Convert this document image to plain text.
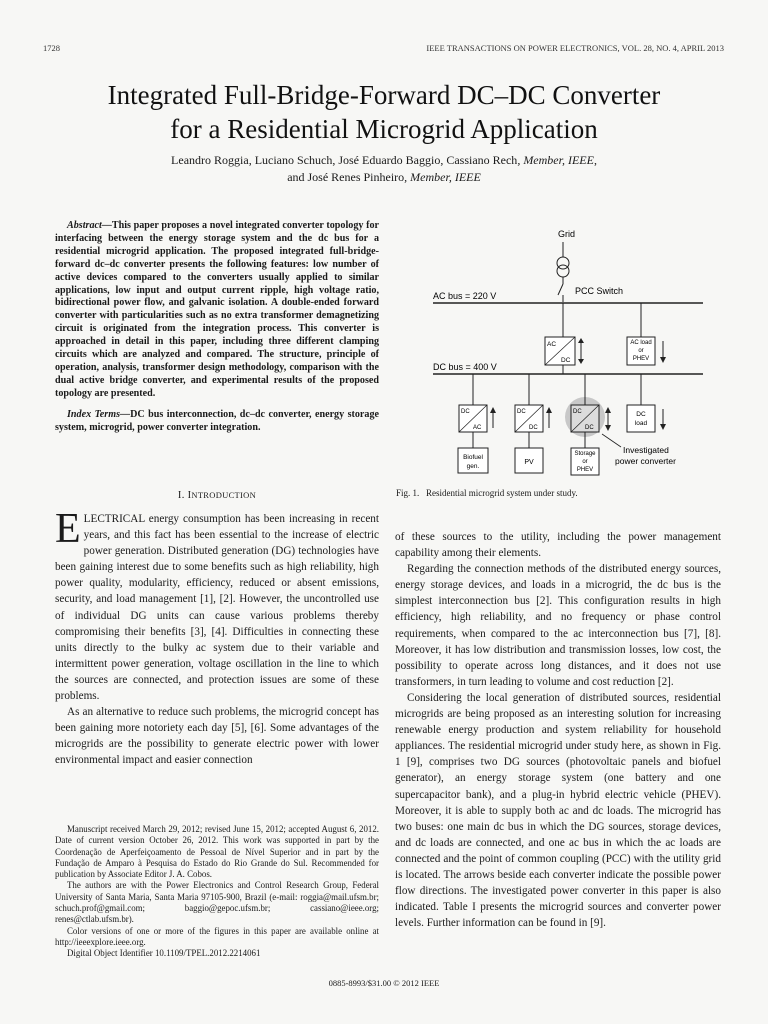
1728	IEEE TRANSACTIONS ON POWER ELECTRONICS, VOL. 28, NO. 4, APRIL 2013
Integrated Full-Bridge-Forward DC–DC Converter
for a Residential Microgrid Application
Leandro Roggia, Luciano Schuch, José Eduardo Baggio, Cassiano Rech, Member, IEEE,
and José Renes Pinheiro, Member, IEEE

Abstract—This paper proposes a novel integrated converter topology for interfacing between the energy storage system and the dc bus for a residential microgrid application. The proposed integrated full-bridge-forward dc–dc converter presents the following features: low number of active devices compared to the converters usually applied to similar applications, low input and output current ripple, high voltage ratio, bidirectional power flow, and galvanic isolation. A double-ended forward converter with particularities such as no extra transformer demagnetizing circuit is originated from the integration process. This converter is approached in detail in this paper, including three different clamping circuits which are analyzed and compared. The structure, principle of operation, analysis, transformer design methodology, comparison with the dual active bridge converter, and experimental results of the proposed topology are presented.

Index Terms—DC bus interconnection, dc–dc converter, energy storage system, microgrid, power converter integration.

I. INTRODUCTION

ELECTRICAL energy consumption has been increasing in recent years, and this fact has been essential to the increase of electric power generation. Distributed generation (DG) technologies have been gaining interest due to some benefits such as high reliability, high power quality, modularity, efficiency, reduced or absent emissions, security, and load management [1], [2]. However, the uncontrolled use of individual DG units can cause various problems thereby compromising their benefits [3], [4]. Difficulties in connecting these units directly to the bulky ac system due to their variable and intermittent power generation, voltage oscillation in the line to which the sources are connected, and protection issues are some of these problems.

As an alternative to reduce such problems, the microgrid concept has been gaining more notoriety each day [5], [6]. Some advantages of the microgrids are the possibility to generate electric power with lower environmental impact and easier connection

Manuscript received March 29, 2012; revised June 15, 2012; accepted August 6, 2012. Date of current version October 26, 2012. This work was supported in part by the Coordenação de Aperfeiçoamento de Pessoal de Nível Superior and in part by the Fundação de Amparo à Pesquisa do Estado do Rio Grande do Sul. Recommended for publication by Associate Editor J. A. Cobos.

The authors are with the Power Electronics and Control Research Group, Federal University of Santa Maria, Santa Maria 97105-900, Brazil (e-mail: roggia@mail.ufsm.br; schuch.prof@gmail.com; baggio@gepoc.ufsm.br; cassiano@ieee.org; renes@ctlab.ufsm.br).

Color versions of one or more of the figures in this paper are available online at http://ieeexplore.ieee.org.

Digital Object Identifier 10.1109/TPEL.2012.2214061

Grid
PCC Switch
AC bus = 220 V
AC
DC
AC load
or
PHEV
DC bus = 400 V
DC
AC
Biofuel
gen.
DC
DC
PV
DC
DC
Storage
or
PHEV
DC
load
Investigated
power converter
Fig. 1. Residential microgrid system under study.

of these sources to the utility, including the power management capability among their elements.

Regarding the connection methods of the distributed energy sources, energy storage devices, and loads in a microgrid, the dc bus is the simplest interconnection bus [2]. This configuration results in high efficiency, high reliability, and no frequency or phase control requirements, when compared to the ac interconnection bus [7], [8]. Moreover, it has low distribution and transmission losses, low cost, the possibility to operate across long distances, and it does not use transformers, in turn leading to volume and cost reduction [2].

Considering the local generation of distributed sources, residential microgrids are being proposed as an interesting solution for increasing renewable energy production and system reliability for household appliances. The residential microgrid under study here, as shown in Fig. 1 [9], comprises two DG sources (photovoltaic panels and biofuel generator), an energy storage system (one battery and one supercapacitor bank), and a plug-in hybrid electric vehicle (PHEV). Moreover, it is able to supply both ac and dc loads. The microgrid has two buses: one main dc bus in which the DG sources, storage devices, and dc loads are connected, and one ac bus in which the ac loads are connected and the point of common coupling (PCC) with the utility grid is located. The arrows beside each converter indicate the possible power flow directions. The investigated power converter in this paper is also indicated. Table I presents the microgrid sources and converter power levels. Further information can be found in [9].

0885-8993/$31.00 © 2012 IEEE
